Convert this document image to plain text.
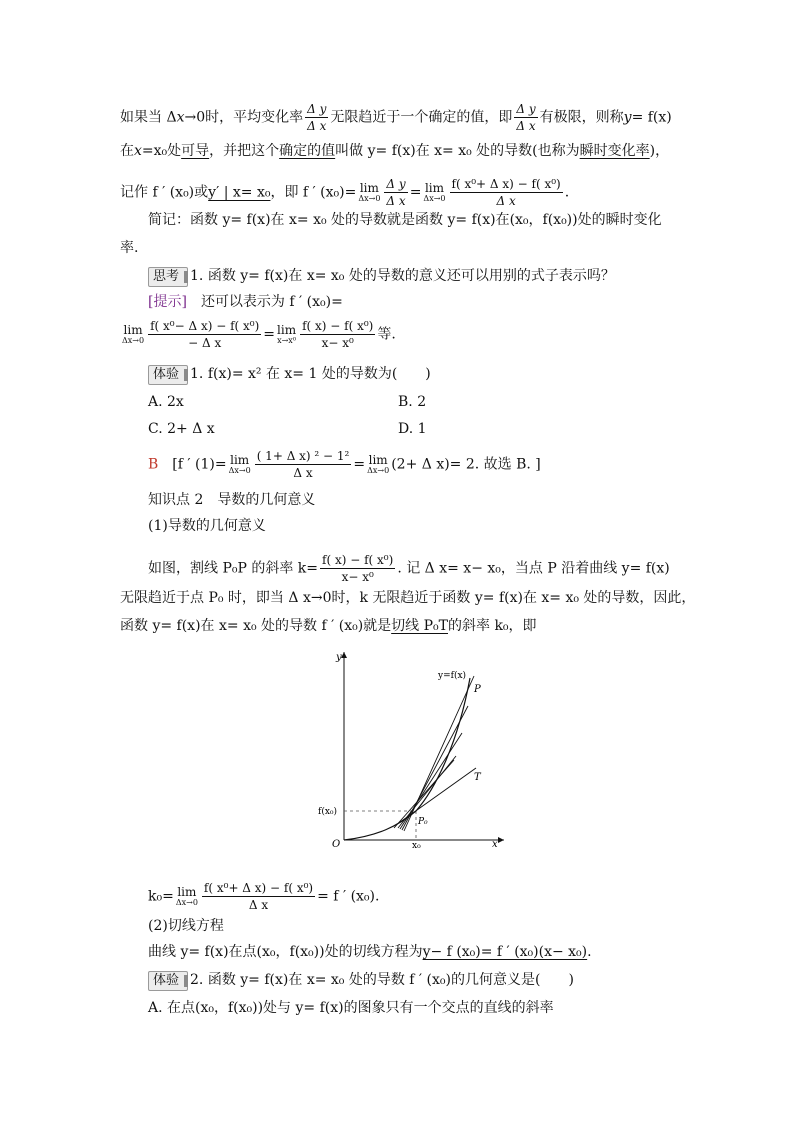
如果当 Δx→0时，平均变化率 $\frac{\text{Δ y}}{\text{Δ x}}$ 无限趋近于一个确定的值，即 $\frac{\text{Δ y}}{\text{Δ x}}$ 有极限，则称y= f(x)
在x=x₀处可导，并把这个确定的值叫做 y= f(x)在 x= x₀ 处的导数(也称为瞬时变化率)，
记作 f ′ (x₀)或y′ | x= x₀，即 f ′ (x₀)= lim
$\Delta x\to 0 \frac{\text{Δ y}}{\text{Δ x}} = \lim$
$\Delta x\to 0 \frac{\text{f( x⁰+ Δ x) − f( x⁰)}}{\text{Δ x}}$ .
简记：函数 y= f(x)在 x= x₀ 处的导数就是函数 y= f(x)在(x₀，f(x₀))处的瞬时变化
率.
思考 1. 函数 y= f(x)在 x= x₀ 处的导数的意义还可以用别的式子表示吗？
[提示]　 还可以表示为 f ′ (x₀)=
lim
$\Delta x\to 0 \frac{\text{f( x⁰− Δ x) − f( x⁰)}}{\text{− Δ x}} = \lim$
$x\to x^0 \frac{\text{f( x) − f( x⁰)}}{\text{x− x⁰}}$ 等.
体验 1. f(x)= x² 在 x= 1 处的导数为(　　)
A. 2x	B. 2
C. 2+ Δ x	D. 1
B　 [f ′ (1)= lim
$\Delta x\to 0 \frac{\text{( 1+ Δ x) ² − 1²}}{\text{Δ x}} = \lim$
Δx→0 (2+ Δ x)= 2. 故选 B. ]
知识点 2　导数的几何意义
(1)导数的几何意义
如图，割线 P₀P 的斜率 $k= \frac{\text{f( x) − f( x⁰)}}{\text{x− x⁰}}$ . 记 Δ x= x− x₀，当点 P 沿着曲线 y= f(x)
无限趋近于点 P₀ 时，即当 Δ x→0时，k 无限趋近于函数 y= f(x)在 x= x₀ 处的导数，因此，
函数 y= f(x)在 x= x₀ 处的导数 f ′ (x₀)就是切线 P₀T的斜率 k₀，即
y
x
O
y=f(x)
P
T
P₀
f(x₀)
x₀
k₀= lim
$\Delta x\to 0 \frac{\text{f( x⁰+ Δ x) − f( x⁰)}}{\text{Δ x}} = f$ ′ (x₀).
(2)切线方程
曲线 y= f(x)在点(x₀，f(x₀))处的切线方程为y− f (x₀)= f ′ (x₀)(x− x₀).
体验 2. 函数 y= f(x)在 x= x₀ 处的导数 f ′ (x₀)的几何意义是(　　)
A. 在点(x₀，f(x₀))处与 y= f(x)的图象只有一个交点的直线的斜率
